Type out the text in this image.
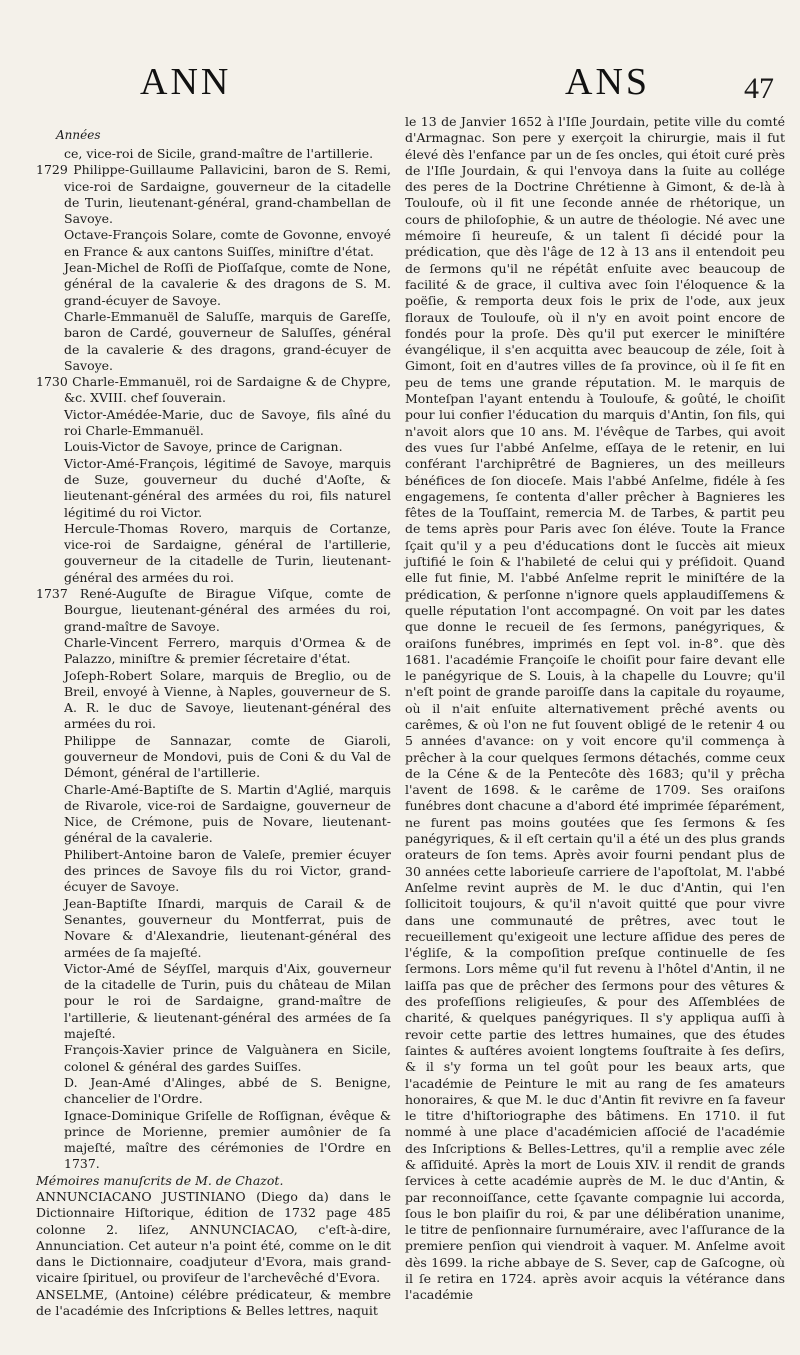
ANN	ANS	47
Années

ce, vice-roi de Sicile, grand-maître de l'artillerie.

1729 Philippe-Guillaume Pallavicini, baron de S. Remi, vice-roi de Sardaigne, gouverneur de la citadelle de Turin, lieutenant-général, grand-chambellan de Savoye.

Octave-François Solare, comte de Govonne, envoyé en France & aux cantons Suiſſes, miniſtre d'état.

Jean-Michel de Roſſi de Pioſſaſque, comte de None, général de la cavalerie & des dragons de S. M. grand-écuyer de Savoye.

Charle-Emmanuël de Saluſſe, marquis de Gareſſe, baron de Cardé, gouverneur de Saluſſes, général de la cavalerie & des dragons, grand-écuyer de Savoye.

1730 Charle-Emmanuël, roi de Sardaigne & de Chypre, &c. XVIII. chef ſouverain.

Victor-Amédée-Marie, duc de Savoye, fils aîné du roi Charle-Emmanuël.

Louis-Victor de Savoye, prince de Carignan.

Victor-Amé-François, légitimé de Savoye, marquis de Suze, gouverneur du duché d'Aoſte, & lieutenant-général des armées du roi, fils naturel légitimé du roi Victor.

Hercule-Thomas Rovero, marquis de Cortanze, vice-roi de Sardaigne, général de l'artillerie, gouverneur de la citadelle de Turin, lieutenant-général des armées du roi.

1737 René-Auguſte de Birague Viſque, comte de Bourgue, lieutenant-général des armées du roi, grand-maître de Savoye.

Charle-Vincent Ferrero, marquis d'Ormea & de Palazzo, miniſtre & premier ſécretaire d'état.

Joſeph-Robert Solare, marquis de Breglio, ou de Breil, envoyé à Vienne, à Naples, gouverneur de S. A. R. le duc de Savoye, lieutenant-général des armées du roi.

Philippe de Sannazar, comte de Giaroli, gouverneur de Mondovi, puis de Coni & du Val de Démont, général de l'artillerie.

Charle-Amé-Baptiſte de S. Martin d'Aglié, marquis de Rivarole, vice-roi de Sardaigne, gouverneur de Nice, de Crémone, puis de Novare, lieutenant-général de la cavalerie.

Philibert-Antoine baron de Valeſe, premier écuyer des princes de Savoye fils du roi Victor, grand-écuyer de Savoye.

Jean-Baptiſte Iſnardi, marquis de Carail & de Senantes, gouverneur du Montferrat, puis de Novare & d'Alexandrie, lieutenant-général des armées de ſa majeſté.

Victor-Amé de Séyſſel, marquis d'Aix, gouverneur de la citadelle de Turin, puis du château de Milan pour le roi de Sardaigne, grand-maître de l'artillerie, & lieutenant-général des armées de ſa majeſté.

François-Xavier prince de Valguànera en Sicile, colonel & général des gardes Suiſſes.

D. Jean-Amé d'Alinges, abbé de S. Benigne, chancelier de l'Ordre.

Ignace-Dominique Griſelle de Roſſignan, évêque & prince de Morienne, premier aumônier de ſa majeſté, maître des cérémonies de l'Ordre en 1737.

Mémoires manuſcrits de M. de Chazot.

ANNUNCIACANO JUSTINIANO (Diego da) dans le Dictionnaire Hiſtorique, édition de 1732 page 485 colonne 2. liſez, ANNUNCIACAO, c'eſt-à-dire, Annunciation. Cet auteur n'a point été, comme on le dit dans le Dictionnaire, coadjuteur d'Evora, mais grand-vicaire ſpirituel, ou proviſeur de l'archevêché d'Evora.

ANSELME, (Antoine) célébre prédicateur, & membre de l'académie des Inſcriptions & Belles lettres, naquit

le 13 de Janvier 1652 à l'Iſle Jourdain, petite ville du comté d'Armagnac. Son pere y exerçoit la chirurgie, mais il fut élevé dès l'enfance par un de ſes oncles, qui étoit curé près de l'Iſle Jourdain, & qui l'envoya dans la ſuite au collége des peres de la Doctrine Chrétienne à Gimont, & de-là à Touloufe, où il fit une ſeconde année de rhétorique, un cours de philoſophie, & un autre de théologie. Né avec une mémoire ſi heureuſe, & un talent ſi décidé pour la prédication, que dès l'âge de 12 à 13 ans il entendoit peu de ſermons qu'il ne répétât enſuite avec beaucoup de facilité & de grace, il cultiva avec ſoin l'éloquence & la poëſie, & remporta deux fois le prix de l'ode, aux jeux floraux de Touloufe, où il n'y en avoit point encore de fondés pour la proſe. Dès qu'il put exercer le miniſtére évangélique, il s'en acquitta avec beaucoup de zéle, ſoit à Gimont, ſoit en d'autres villes de ſa province, où il ſe fit en peu de tems une grande réputation. M. le marquis de Monteſpan l'ayant entendu à Touloufe, & goûté, le choiſit pour lui confier l'éducation du marquis d'Antin, ſon fils, qui n'avoit alors que 10 ans. M. l'évêque de Tarbes, qui avoit des vues ſur l'abbé Anſelme, eſſaya de le retenir, en lui conférant l'archiprêtré de Bagnieres, un des meilleurs bénéfices de ſon dioceſe. Mais l'abbé Anſelme, fidéle à ſes engagemens, ſe contenta d'aller prêcher à Bagnieres les fêtes de la Touſſaint, remercia M. de Tarbes, & partit peu de tems après pour Paris avec ſon éléve. Toute la France ſçait qu'il y a peu d'éducations dont le ſuccès ait mieux juſtifié le ſoin & l'habileté de celui qui y préſidoit. Quand elle fut finie, M. l'abbé Anſelme reprit le miniſtére de la prédication, & perſonne n'ignore quels applaudiſſemens & quelle réputation l'ont accompagné. On voit par les dates que donne le recueil de ſes ſermons, panégyriques, & oraiſons funébres, imprimés en ſept vol. in-8°. que dès 1681. l'académie Françoiſe le choiſit pour faire devant elle le panégyrique de S. Louis, à la chapelle du Louvre; qu'il n'eſt point de grande paroiſſe dans la capitale du royaume, où il n'ait enſuite alternativement prêché avents ou carêmes, & où l'on ne fut ſouvent obligé de le retenir 4 ou 5 années d'avance: on y voit encore qu'il commença à prêcher à la cour quelques ſermons détachés, comme ceux de la Céne & de la Pentecôte dès 1683; qu'il y prêcha l'avent de 1698. & le carême de 1709. Ses oraiſons funébres dont chacune a d'abord été imprimée ſéparément, ne furent pas moins goutées que ſes ſermons & ſes panégyriques, & il eſt certain qu'il a été un des plus grands orateurs de ſon tems. Après avoir fourni pendant plus de 30 années cette laborieuſe carriere de l'apoſtolat, M. l'abbé Anſelme revint auprès de M. le duc d'Antin, qui l'en ſollicitoit toujours, & qu'il n'avoit quitté que pour vivre dans une communauté de prêtres, avec tout le recueillement qu'exigeoit une lecture aſſidue des peres de l'égliſe, & la compoſition preſque continuelle de ſes ſermons. Lors même qu'il fut revenu à l'hôtel d'Antin, il ne laiſſa pas que de prêcher des ſermons pour des vêtures & des profeſſions religieuſes, & pour des Aſſemblées de charité, & quelques panégyriques. Il s'y appliqua auſſi à revoir cette partie des lettres humaines, que des études ſaintes & auſtéres avoient longtems ſouſtraite à ſes deſirs, & il s'y forma un tel goût pour les beaux arts, que l'académie de Peinture le mit au rang de ſes amateurs honoraires, & que M. le duc d'Antin fit revivre en ſa faveur le titre d'hiſtoriographe des bâtimens. En 1710. il fut nommé à une place d'académicien aſſocié de l'académie des Inſcriptions & Belles-Lettres, qu'il a remplie avec zéle & aſſiduité. Après la mort de Louis XIV. il rendit de grands ſervices à cette académie auprès de M. le duc d'Antin, & par reconnoiſſance, cette ſçavante compagnie lui accorda, ſous le bon plaiſir du roi, & par une délibération unanime, le titre de penſionnaire ſurnuméraire, avec l'aſſurance de la premiere penſion qui viendroit à vaquer. M. Anſelme avoit dès 1699. la riche abbaye de S. Sever, cap de Gaſcogne, où il ſe retira en 1724. après avoir acquis la vétérance dans l'académie
